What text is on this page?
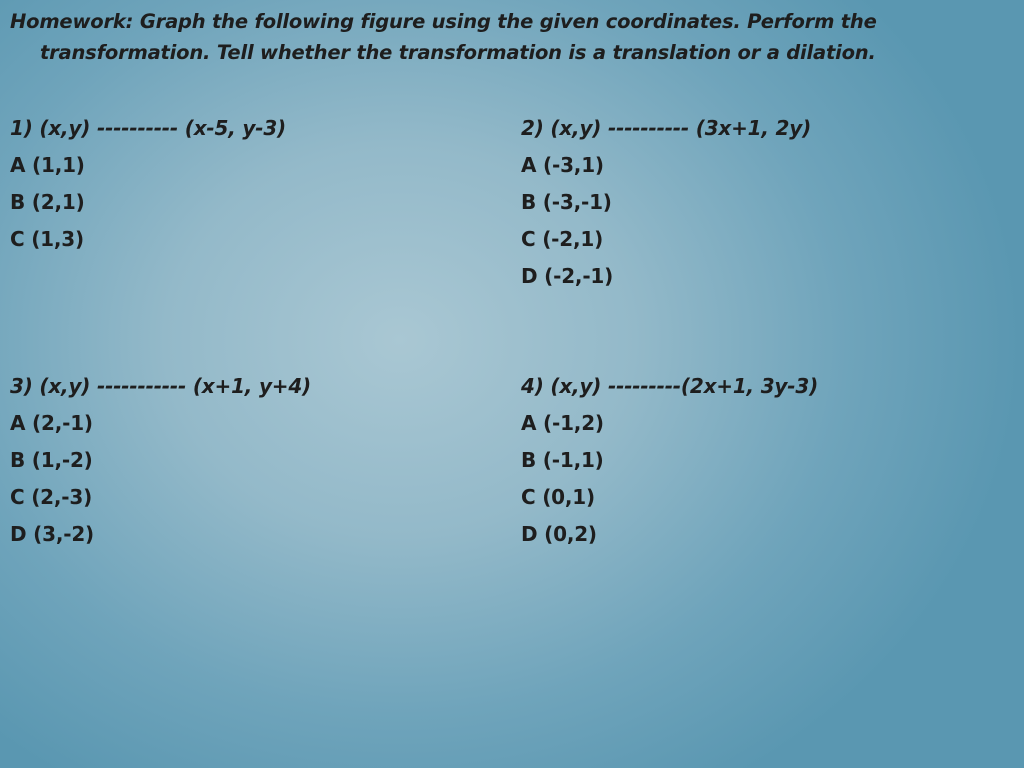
Homework: Graph the following figure using the given coordinates. Perform the
transformation. Tell whether the transformation is a translation or a dilation.
1) (x,y) ---------- (x-5, y-3)
A (1,1)
B (2,1)
C (1,3)
2) (x,y) ---------- (3x+1, 2y)
A (-3,1)
B (-3,-1)
C (-2,1)
D (-2,-1)
3) (x,y) ----------- (x+1, y+4)
A (2,-1)
B (1,-2)
C (2,-3)
D (3,-2)
4) (x,y) ---------(2x+1, 3y-3)
A (-1,2)
B (-1,1)
C (0,1)
D (0,2)
